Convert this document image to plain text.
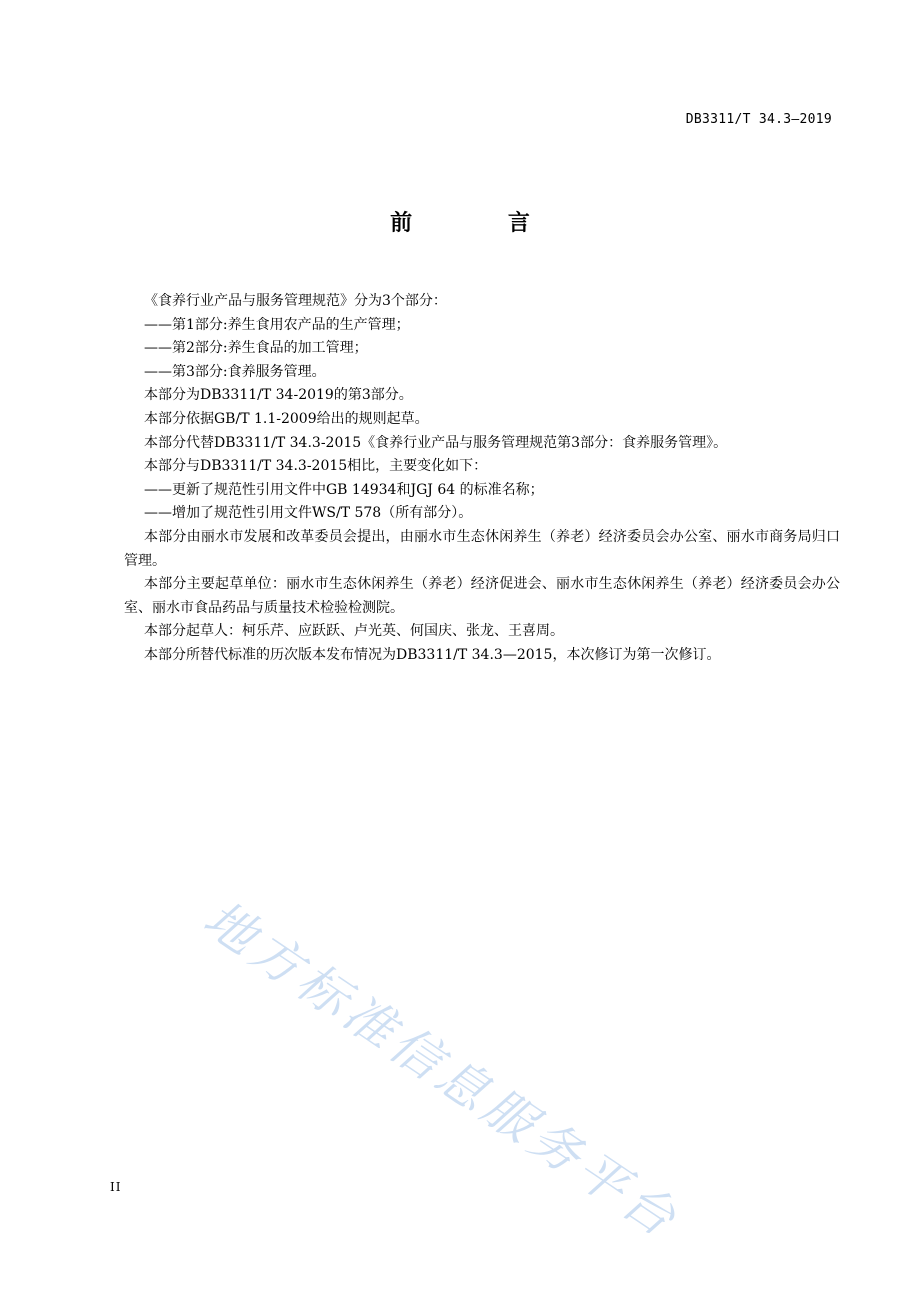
DB3311/T 34.3—2019
前 言

《食养行业产品与服务管理规范》分为3个部分：

——第1部分:养生食用农产品的生产管理；

——第2部分:养生食品的加工管理；

——第3部分:食养服务管理。

本部分为DB3311/T 34-2019的第3部分。

本部分依据GB/T 1.1-2009给出的规则起草。

本部分代替DB3311/T 34.3-2015《食养行业产品与服务管理规范第3部分：食养服务管理》。

本部分与DB3311/T 34.3-2015相比，主要变化如下：

——更新了规范性引用文件中GB 14934和JGJ 64 的标准名称；

——增加了规范性引用文件WS/T 578（所有部分）。

本部分由丽水市发展和改革委员会提出，由丽水市生态休闲养生（养老）经济委员会办公室、丽水市商务局归口管理。

本部分主要起草单位：丽水市生态休闲养生（养老）经济促进会、丽水市生态休闲养生（养老）经济委员会办公室、丽水市食品药品与质量技术检验检测院。

本部分起草人：柯乐芹、应跃跃、卢光英、何国庆、张龙、王喜周。

本部分所替代标准的历次版本发布情况为DB3311/T 34.3—2015，本次修订为第一次修订。

地方标准信息服务平台
II
